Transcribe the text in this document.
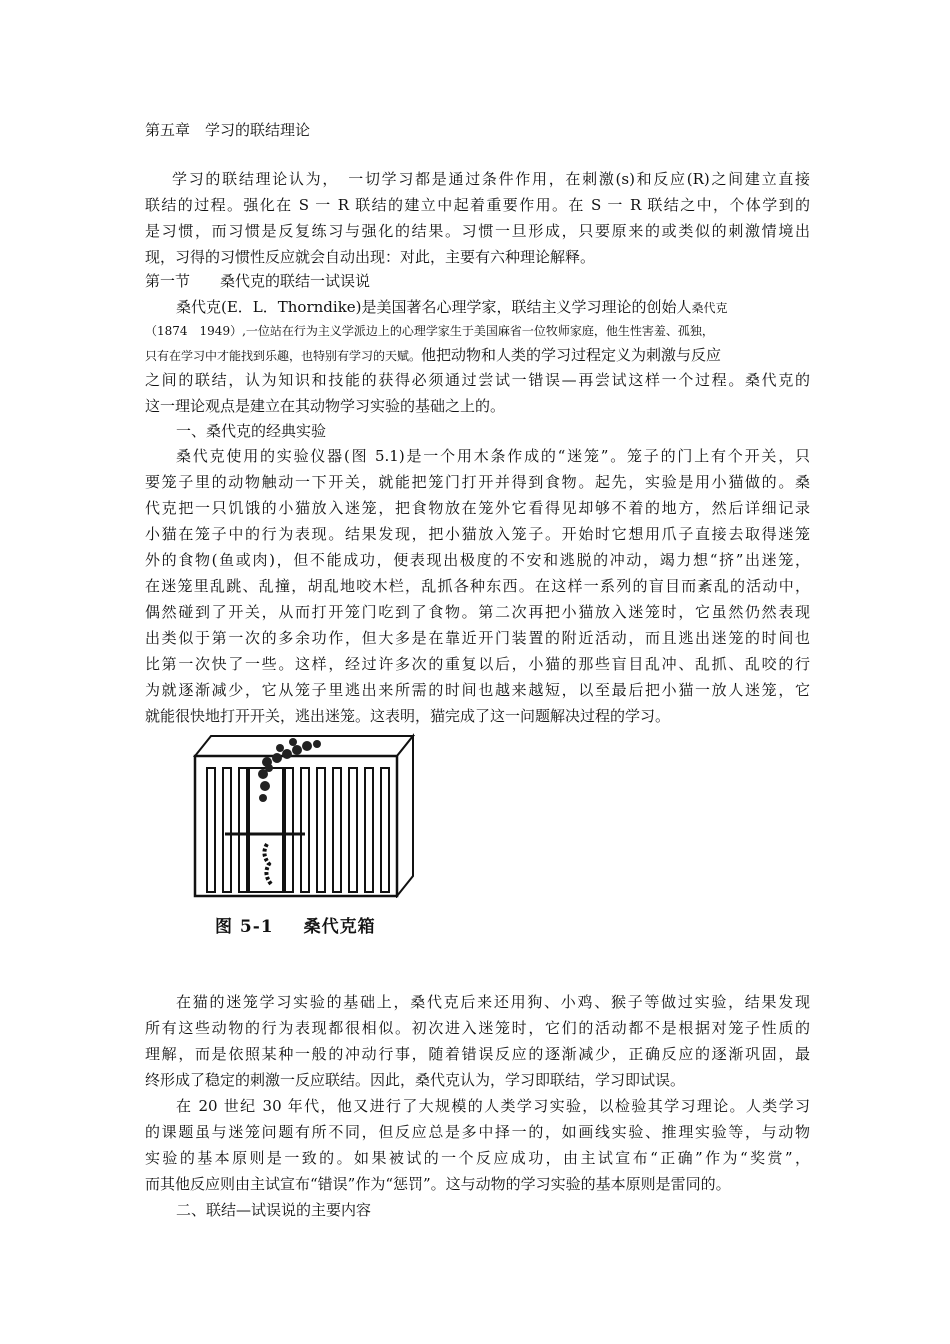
第五章　学习的联结理论
学习的联结理论认为，　一切学习都是通过条件作用，在刺激(s)和反应(R)之间建立直接
联结的过程。强化在 S 一 R 联结的建立中起着重要作用。在 S 一 R 联结之中，个体学到的
是习惯，而习惯是反复练习与强化的结果。习惯一旦形成，只要原来的或类似的刺激情境出
现，习得的习惯性反应就会自动出现：对此，主要有六种理论解释。
第一节　　桑代克的联结一试误说
桑代克(E．L．Thorndike)是美国著名心理学家，联结主义学习理论的创始人桑代克
（1874　1949）,一位站在行为主义学派边上的心理学家生于美国麻省一位牧师家庭，他生性害羞、孤独，
只有在学习中才能找到乐趣，也特别有学习的天赋。他把动物和人类的学习过程定义为刺激与反应
之间的联结，认为知识和技能的获得必须通过尝试一错误—再尝试这样一个过程。桑代克的
这一理论观点是建立在其动物学习实验的基础之上的。
一、桑代克的经典实验
桑代克使用的实验仪器(图 5.1)是一个用木条作成的“迷笼”。笼子的门上有个开关，只
要笼子里的动物触动一下开关，就能把笼门打开并得到食物。起先，实验是用小猫做的。桑
代克把一只饥饿的小猫放入迷笼，把食物放在笼外它看得见却够不着的地方，然后详细记录
小猫在笼子中的行为表现。结果发现，把小猫放入笼子。开始时它想用爪子直接去取得迷笼
外的食物(鱼或肉)，但不能成功，便表现出极度的不安和逃脱的冲动，竭力想“挤”出迷笼，
在迷笼里乱跳、乱撞，胡乱地咬木栏，乱抓各种东西。在这样一系列的盲目而紊乱的活动中，
偶然碰到了开关，从而打开笼门吃到了食物。第二次再把小猫放入迷笼时，它虽然仍然表现
出类似于第一次的多余功作，但大多是在靠近开门装置的附近活动，而且逃出迷笼的时间也
比第一次快了一些。这样，经过许多次的重复以后，小猫的那些盲目乱冲、乱抓、乱咬的行
为就逐渐减少，它从笼子里逃出来所需的时间也越来越短，以至最后把小猫一放人迷笼，它
就能很快地打开开关，逃出迷笼。这表明，猫完成了这一问题解决过程的学习。
图 5-1 桑代克箱
在猫的迷笼学习实验的基础上，桑代克后来还用狗、小鸡、猴子等做过实验，结果发现
所有这些动物的行为表现都很相似。初次进入迷笼时，它们的活动都不是根据对笼子性质的
理解，而是依照某种一般的冲动行事，随着错误反应的逐渐减少，正确反应的逐渐巩固，最
终形成了稳定的刺激一反应联结。因此，桑代克认为，学习即联结，学习即试误。
在 20 世纪 30 年代，他又进行了大规模的人类学习实验，以检验其学习理论。人类学习
的课题虽与迷笼问题有所不同，但反应总是多中择一的，如画线实验、推理实验等，与动物
实验的基本原则是一致的。如果被试的一个反应成功，由主试宣布“正确”作为“奖赏”，
而其他反应则由主试宣布“错误”作为“惩罚”。这与动物的学习实验的基本原则是雷同的。
二、联结—试误说的主要内容
